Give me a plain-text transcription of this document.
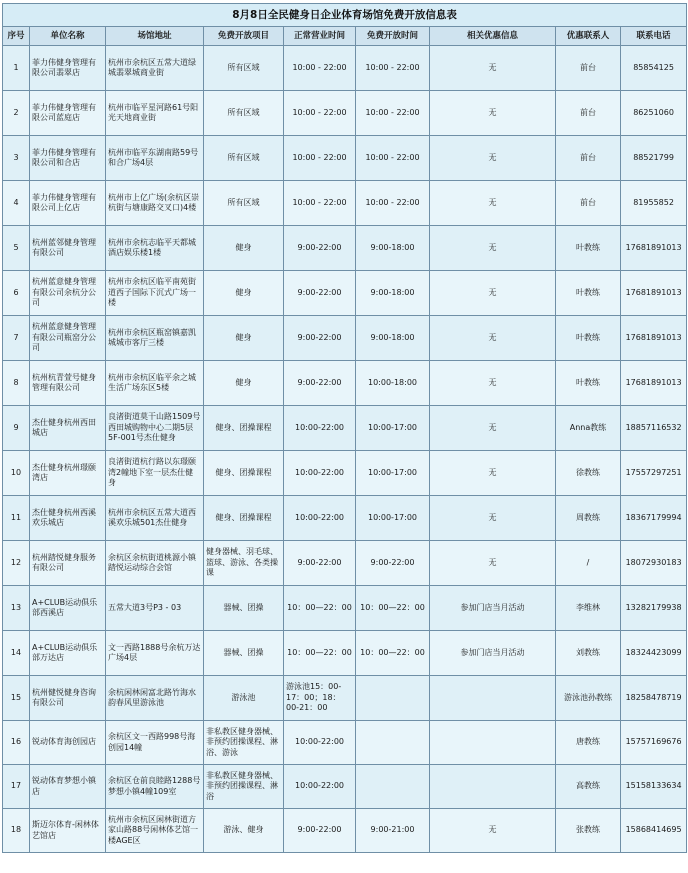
8月8日全民健身日企业体育场馆免费开放信息表								
序号	单位名称	场馆地址	免费开放项目	正常营业时间	免费开放时间	相关优惠信息	优惠联系人	联系电话
1	菲力伟健身管理有限公司翡翠店	杭州市余杭区五常大道绿城翡翠城商业街	所有区域	10:00 - 22:00	10:00 - 22:00	无	前台	85854125
2	菲力伟健身管理有限公司蓝庭店	杭州市临平星河路61号阳光天地商业街	所有区域	10:00 - 22:00	10:00 - 22:00	无	前台	86251060
3	菲力伟健身管理有限公司和合店	杭州市临平东湖南路59号和合广场4层	所有区域	10:00 - 22:00	10:00 - 22:00	无	前台	88521799
4	菲力伟健身管理有限公司上亿店	杭州市上亿广场(余杭区崇杭街与塘康路交叉口)4楼	所有区域	10:00 - 22:00	10:00 - 22:00	无	前台	81955852
5	杭州蓝邻健身管理有限公司	杭州市余杭志临平天都城酒店娱乐楼1楼	健身	9:00-22:00	9:00-18:00	无	叶教练	17681891013
6	杭州蓝意健身管理有限公司余杭分公司	杭州市余杭区临平南苑街道西子国际下沉式广场一楼	健身	9:00-22:00	9:00-18:00	无	叶教练	17681891013
7	杭州蓝意健身管理有限公司瓶窑分公司	杭州市余杭区瓶窑镇嘉凯城城市客厅三楼	健身	9:00-22:00	9:00-18:00	无	叶教练	17681891013
8	杭州杭青萱号健身管理有限公司	杭州市余杭区临平余之城生活广场东区5楼	健身	9:00-22:00	10:00-18:00	无	叶教练	17681891013
9	杰仕健身杭州西田城店	良渚街道莫干山路1509号西田城购物中心二期5层5F-001号杰仕健身	健身、团操课程	10:00-22:00	10:00-17:00	无	Anna教练	18857116532
10	杰仕健身杭州璟颐湾店	良渚街道杭行路以东璟颐湾2幢地下室一层杰仕健身	健身、团操课程	10:00-22:00	10:00-17:00	无	徐教练	17557297251
11	杰仕健身杭州西溪欢乐城店	杭州市余杭区五常大道西溪欢乐城501杰仕健身	健身、团操课程	10:00-22:00	10:00-17:00	无	周教练	18367179994
12	杭州踏悦健身服务有限公司	余杭区余杭街道桃源小镇踏悦运动综合会馆	健身器械、羽毛球、篮球、游泳、各类操课	9:00-22:00	9:00-22:00	无	/	18072930183
13	A+CLUB运动俱乐部西溪店	五常大道3号P3 - 03	器械、团操	10：00—22：00	10：00—22：00	参加门店当月活动	李维林	13282179938
14	A+CLUB运动俱乐部万达店	文一西路1888号余杭万达广场4层	器械、团操	10：00—22：00	10：00—22：00	参加门店当月活动	刘教练	18324423099
15	杭州健悦健身咨询有限公司	余杭闲林闲富北路竹海水韵春风里游泳池	游泳池	游泳池15：00-17：00；18：00-21：00			游泳池孙教练	18258478719
16	锐动体育海创园店	余杭区文一西路998号海创园14幢	非私教区健身器械、非预约团操课程、淋浴、游泳	10:00-22:00			唐教练	15757169676
17	锐动体育梦想小镇店	余杭区仓前良睦路1288号梦想小镇4幢109室	非私教区健身器械、非预约团操课程、淋浴	10:00-22:00			高教练	15158133634
18	斯迈尔体育-闲林体艺馆店	杭州市余杭区闲林街道方家山路88号闲林体艺馆一楼AGE区	游泳、健身	9:00-22:00	9:00-21:00	无	张教练	15868414695
